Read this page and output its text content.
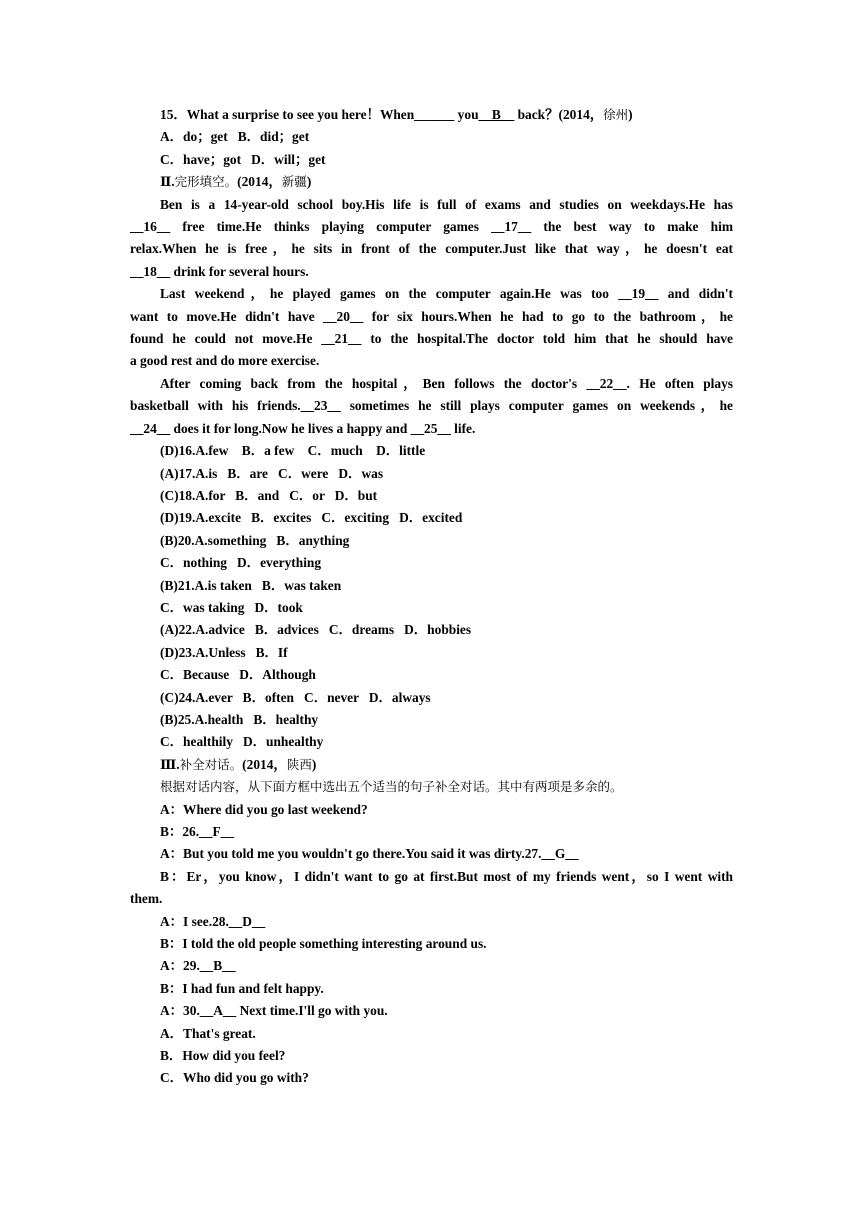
15．What a surprise to see you here！When______ you__B__ back？(2014，徐州)
A．do；get   B．did；get
C．have；got   D．will；get
Ⅱ.完形填空。(2014，新疆)
Ben is a 14-year-old school boy.His life is full of exams and studies on weekdays.He has
__16__ free time.He thinks playing computer games __17__ the best way to make him
relax.When he is free，he sits in front of the computer.Just like that way，he doesn't eat
__18__ drink for several hours.
Last weekend，he played games on the computer again.He was too __19__ and didn't
want to move.He didn't have __20__ for six hours.When he had to go to the bathroom，he
found he could not move.He __21__ to the hospital.The doctor told him that he should have
a good rest and do more exercise.
After coming back from the hospital，Ben follows the doctor's __22__. He often plays
basketball with his friends.__23__ sometimes he still plays computer games on weekends，he
__24__ does it for long.Now he lives a happy and __25__ life.
(D)16.A.few    B．a few    C．much    D．little
(A)17.A.is   B．are   C．were   D．was
(C)18.A.for   B．and   C．or   D．but
(D)19.A.excite   B．excites   C．exciting   D．excited
(B)20.A.something   B．anything
C．nothing   D．everything
(B)21.A.is taken   B．was taken
C．was taking   D．took
(A)22.A.advice   B．advices   C．dreams   D．hobbies
(D)23.A.Unless   B．If
C．Because   D．Although
(C)24.A.ever   B．often   C．never   D．always
(B)25.A.health   B．healthy
C．healthily   D．unhealthy
Ⅲ.补全对话。(2014，陕西)
根据对话内容，从下面方框中选出五个适当的句子补全对话。其中有两项是多余的。
A：Where did you go last weekend?
B：26.__F__
A：But you told me you wouldn't go there.You said it was dirty.27.__G__
B：Er，you know，I didn't want to go at first.But most of my friends went，so I went with
them.
A：I see.28.__D__
B：I told the old people something interesting around us.
A：29.__B__
B：I had fun and felt happy.
A：30.__A__ Next time.I'll go with you.
A．That's great.
B．How did you feel?
C．Who did you go with?
